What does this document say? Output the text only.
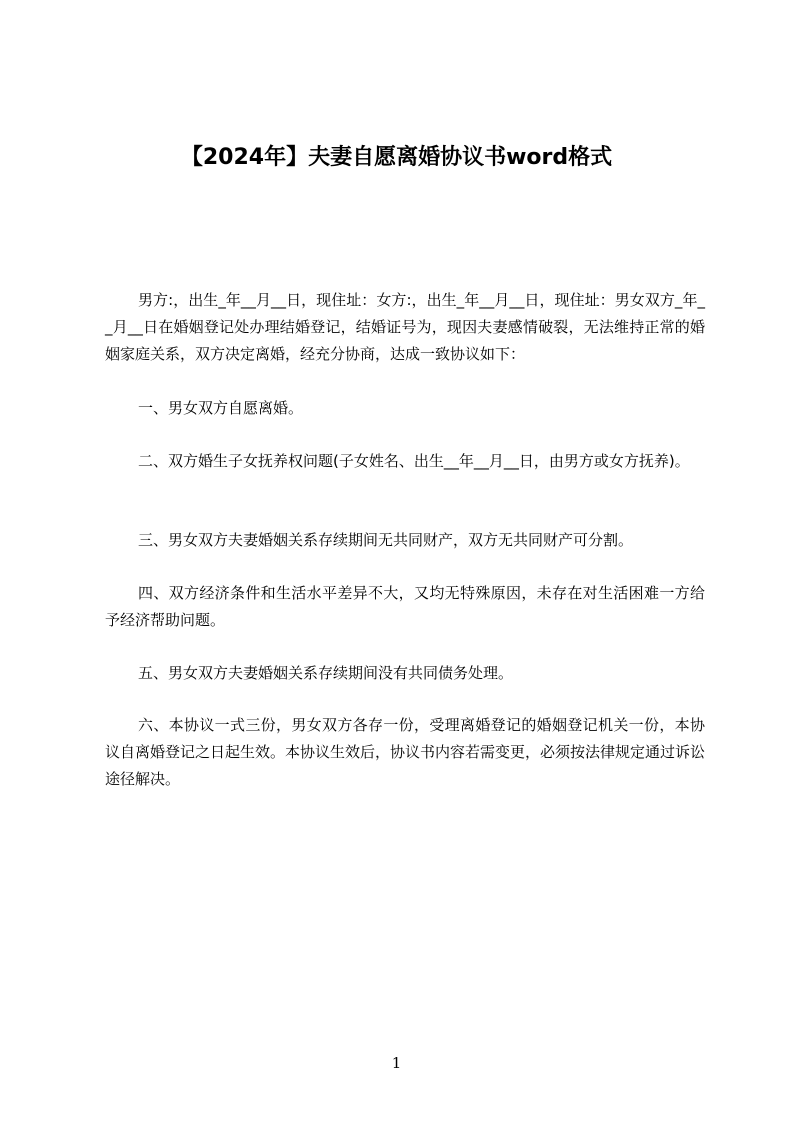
【2024年】夫妻自愿离婚协议书word格式
男方:，出生_年__月__日，现住址：女方:，出生_年__月__日，现住址：男女双方_年__月__日在婚姻登记处办理结婚登记，结婚证号为，现因夫妻感情破裂，无法维持正常的婚姻家庭关系，双方决定离婚，经充分协商，达成一致协议如下：
一、男女双方自愿离婚。
二、双方婚生子女抚养权问题(子女姓名、出生__年__月__日，由男方或女方抚养)。
三、男女双方夫妻婚姻关系存续期间无共同财产，双方无共同财产可分割。
四、双方经济条件和生活水平差异不大，又均无特殊原因，未存在对生活困难一方给予经济帮助问题。
五、男女双方夫妻婚姻关系存续期间没有共同债务处理。
六、本协议一式三份，男女双方各存一份，受理离婚登记的婚姻登记机关一份，本协议自离婚登记之日起生效。本协议生效后，协议书内容若需变更，必须按法律规定通过诉讼途径解决。
1
